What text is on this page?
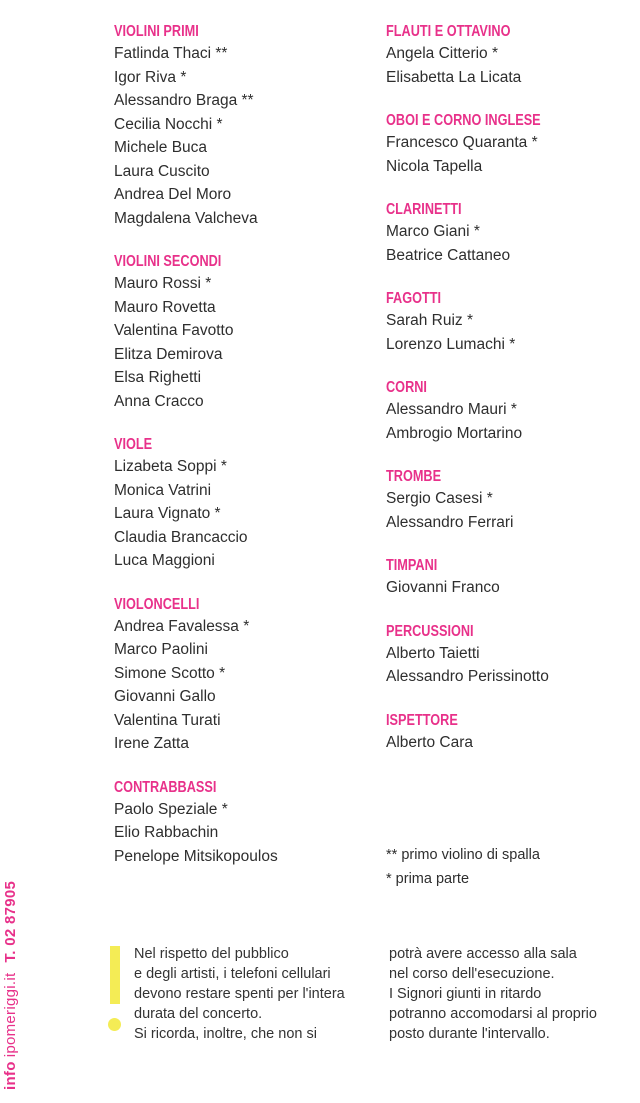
VIOLINI PRIMI
Fatlinda Thaci **
Igor Riva *
Alessandro Braga **
Cecilia Nocchi *
Michele Buca
Laura Cuscito
Andrea Del Moro
Magdalena Valcheva
VIOLINI SECONDI
Mauro Rossi *
Mauro Rovetta
Valentina Favotto
Elitza Demirova
Elsa Righetti
Anna Cracco
VIOLE
Lizabeta Soppi *
Monica Vatrini
Laura Vignato *
Claudia Brancaccio
Luca Maggioni
VIOLONCELLI
Andrea Favalessa *
Marco Paolini
Simone Scotto *
Giovanni Gallo
Valentina Turati
Irene Zatta
CONTRABBASSI
Paolo Speziale *
Elio Rabbachin
Penelope Mitsikopoulos
FLAUTI E OTTAVINO
Angela Citterio *
Elisabetta La Licata
OBOI E CORNO INGLESE
Francesco Quaranta *
Nicola Tapella
CLARINETTI
Marco Giani *
Beatrice Cattaneo
FAGOTTI
Sarah Ruiz *
Lorenzo Lumachi *
CORNI
Alessandro Mauri *
Ambrogio Mortarino
TROMBE
Sergio Casesi *
Alessandro Ferrari
TIMPANI
Giovanni Franco
PERCUSSIONI
Alberto Taietti
Alessandro Perissinotto
ISPETTORE
Alberto Cara
** primo violino di spalla
* prima parte
Nel rispetto del pubblico
e degli artisti, i telefoni cellulari
devono restare spenti per l'intera
durata del concerto.
Si ricorda, inoltre, che non si
potrà avere accesso alla sala
nel corso dell'esecuzione.
I Signori giunti in ritardo
potranno accomodarsi al proprio
posto durante l'intervallo.
infoipomeriggi.itT. 02 87905
